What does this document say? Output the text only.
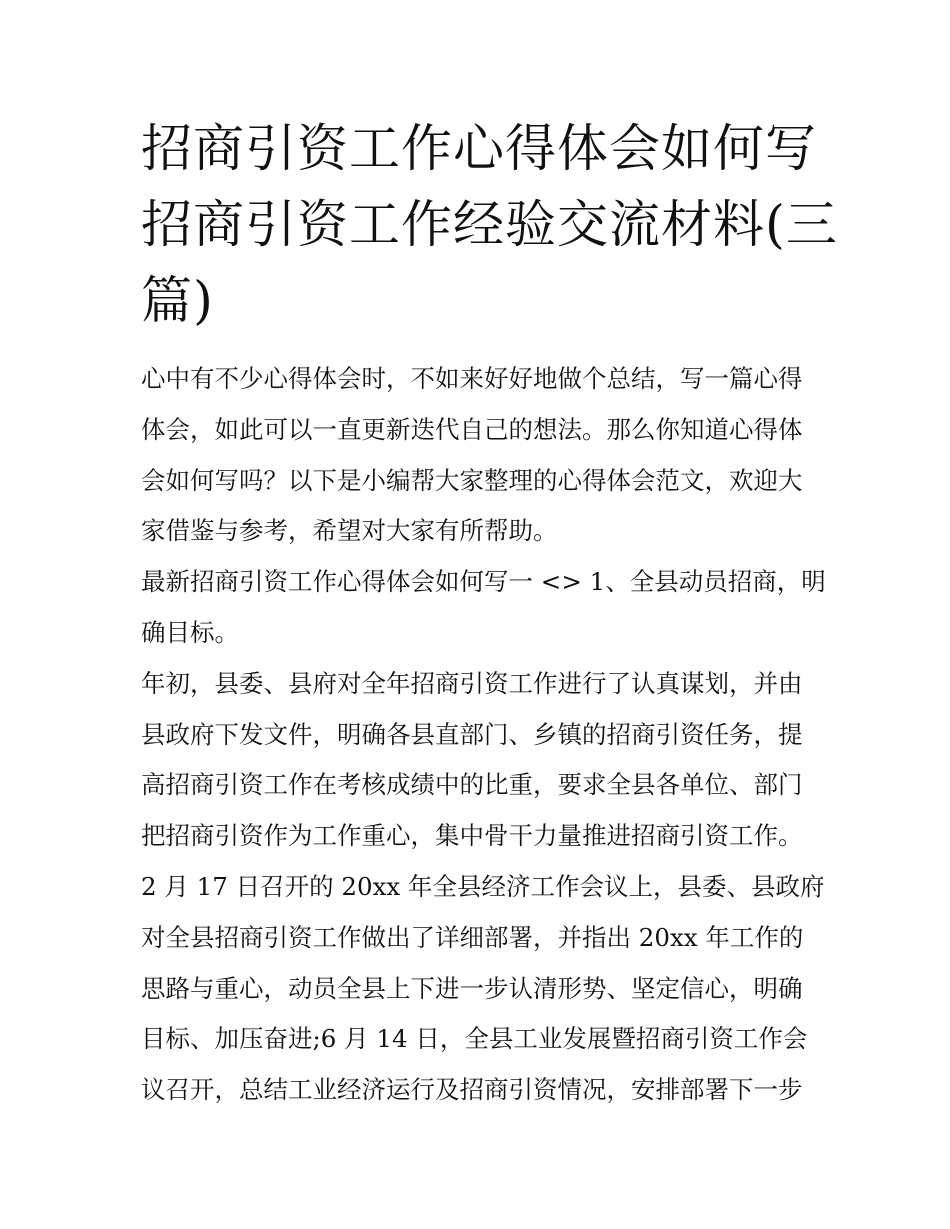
招商引资工作心得体会如何写
招商引资工作经验交流材料(三
篇)
心中有不少心得体会时，不如来好好地做个总结，写一篇心得
体会，如此可以一直更新迭代自己的想法。那么你知道心得体
会如何写吗？以下是小编帮大家整理的心得体会范文，欢迎大
家借鉴与参考，希望对大家有所帮助。
最新招商引资工作心得体会如何写一 <> 1、全县动员招商，明
确目标。
年初，县委、县府对全年招商引资工作进行了认真谋划，并由
县政府下发文件，明确各县直部门、乡镇的招商引资任务，提
高招商引资工作在考核成绩中的比重，要求全县各单位、部门
把招商引资作为工作重心，集中骨干力量推进招商引资工作。
2 月 17 日召开的 20xx 年全县经济工作会议上，县委、县政府
对全县招商引资工作做出了详细部署，并指出 20xx 年工作的
思路与重心，动员全县上下进一步认清形势、坚定信心，明确
目标、加压奋进;6 月 14 日，全县工业发展暨招商引资工作会
议召开，总结工业经济运行及招商引资情况，安排部署下一步
